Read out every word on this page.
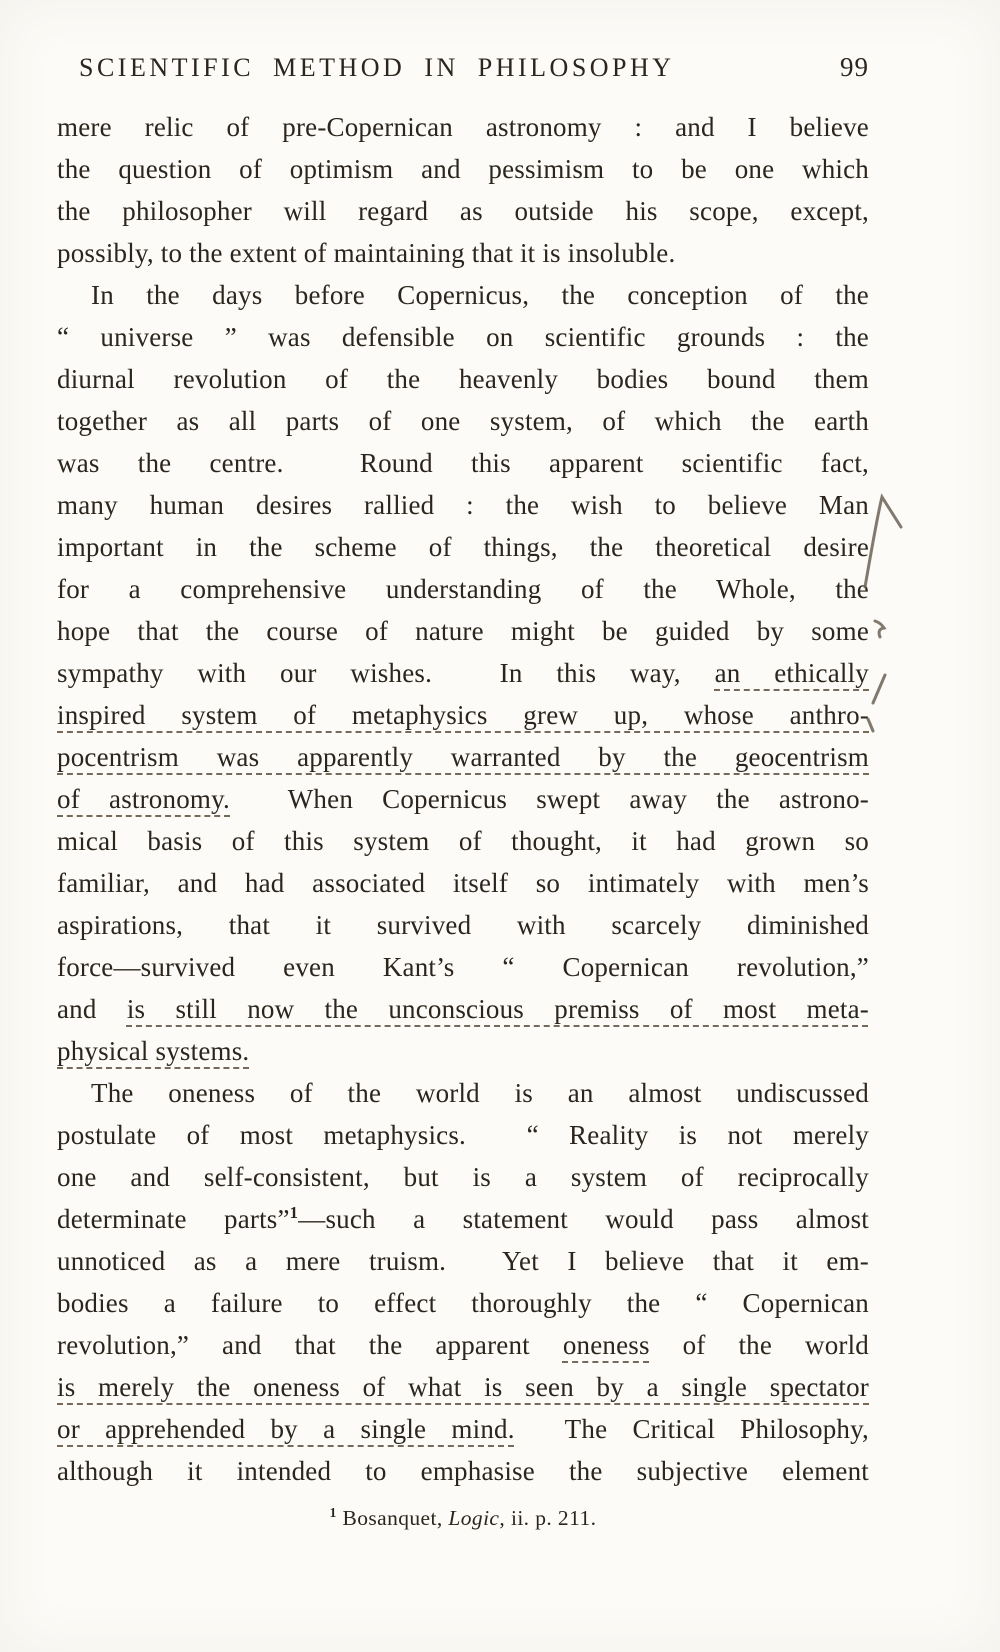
SCIENTIFIC METHOD IN PHILOSOPHY	99
mere relic of pre-Copernican astronomy : and I believe
the question of optimism and pessimism to be one which
the philosopher will regard as outside his scope, except,
possibly, to the extent of maintaining that it is insoluble.
In the days before Copernicus, the conception of the
“ universe ” was defensible on scientific grounds : the
diurnal revolution of the heavenly bodies bound them
together as all parts of one system, of which the earth
was the centre.  Round this apparent scientific fact,
many human desires rallied : the wish to believe Man
important in the scheme of things, the theoretical desire
for a comprehensive understanding of the Whole, the
hope that the course of nature might be guided by some
sympathy with our wishes.  In this way, an ethically
inspired system of metaphysics grew up, whose anthro-
pocentrism was apparently warranted by the geocentrism
of astronomy.  When Copernicus swept away the astrono-
mical basis of this system of thought, it had grown so
familiar, and had associated itself so intimately with men’s
aspirations, that it survived with scarcely diminished
force—survived even Kant’s “ Copernican revolution,”
and is still now the unconscious premiss of most meta-
physical systems.
The oneness of the world is an almost undiscussed
postulate of most metaphysics.  “ Reality is not merely
one and self-consistent, but is a system of reciprocally
determinate parts”$^1$—such a statement would pass almost
unnoticed as a mere truism.  Yet I believe that it em-
bodies a failure to effect thoroughly the “ Copernican
revolution,” and that the apparent oneness of the world
is merely the oneness of what is seen by a single spectator
or apprehended by a single mind.  The Critical Philosophy,
although it intended to emphasise the subjective element
$^1$ Bosanquet, Logic, ii. p. 211.
